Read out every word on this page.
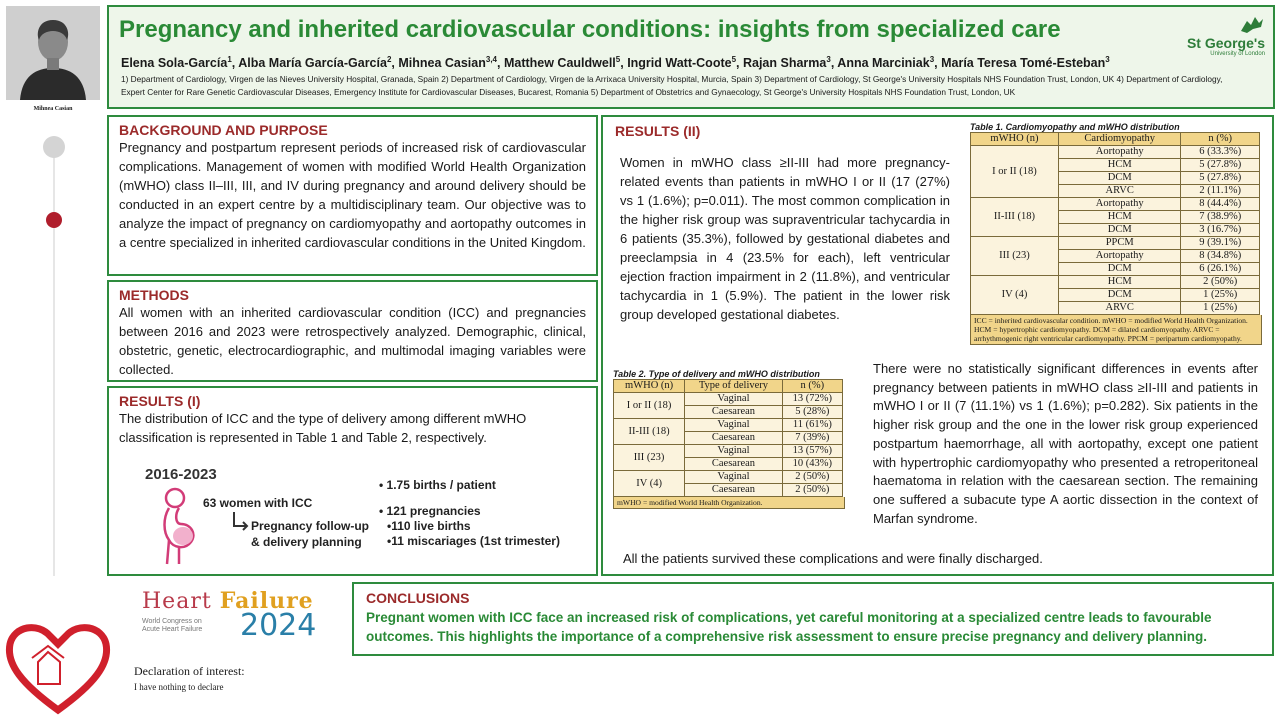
Mihnea Casian
Pregnancy and inherited cardiovascular conditions: insights from specialized care
Elena Sola-García$^1$, Alba María García-García$^2$, Mihnea Casian$^{3,4}$, Matthew Cauldwell$^5$, Ingrid Watt-Coote$^5$, Rajan Sharma$^3$, Anna Marciniak$^3$, María Teresa Tomé-Esteban$^3$
1) Department of Cardiology, Virgen de las Nieves University Hospital, Granada, Spain 2) Department of Cardiology, Virgen de la Arrixaca University Hospital, Murcia, Spain 3) Department of Cardiology, St George's University Hospitals NHS Foundation Trust, London, UK 4) Department of Cardiology, Expert Center for Rare Genetic Cardiovascular Diseases, Emergency Institute for Cardiovascular Diseases, Bucarest, Romania 5) Department of Obstetrics and Gynaecology, St George's University Hospitals NHS Foundation Trust, London, UK
St George's
University of London
BACKGROUND AND PURPOSE
Pregnancy and postpartum represent periods of increased risk of cardiovascular complications. Management of women with modified World Health Organization (mWHO) class II–III, III, and IV during pregnancy and around delivery should be conducted in an expert centre by a multidisciplinary team. Our objective was to analyze the impact of pregnancy on cardiomyopathy and aortopathy outcomes in a centre specialized in inherited cardiovascular conditions in the United Kingdom.
METHODS
All women with an inherited cardiovascular condition (ICC) and pregnancies between 2016 and 2023 were retrospectively analyzed. Demographic, clinical, obstetric, genetic, electrocardiographic, and multimodal imaging variables were collected.
RESULTS (I)
The distribution of ICC and the type of delivery among different mWHO classification is represented in Table 1 and Table 2, respectively.
2016-2023
63 women with ICC
Pregnancy follow-up
& delivery planning
• 1.75 births / patient
• 121 pregnancies
•110 live births
•11 miscariages (1st trimester)
RESULTS (II)
Women in mWHO class ≥II-III had more pregnancy-related events than patients in mWHO I or II (17 (27%) vs 1 (1.6%); p=0.011). The most common complication in the higher risk group was supraventricular tachycardia in 6 patients (35.3%), followed by gestational diabetes and preeclampsia in 4 (23.5% for each), left ventricular ejection fraction impairment in 2 (11.8%), and ventricular tachycardia in 1 (5.9%). The patient in the lower risk group developed gestational diabetes.
Table 1. Cardiomyopathy and mWHO distribution
mWHO (n)	Cardiomyopathy	n (%)
I or II (18)	Aortopathy	6 (33.3%)
	HCM	5 (27.8%)
	DCM	5 (27.8%)
	ARVC	2 (11.1%)
II-III (18)	Aortopathy	8 (44.4%)
	HCM	7 (38.9%)
	DCM	3 (16.7%)
III (23)	PPCM	9 (39.1%)
	Aortopathy	8 (34.8%)
	DCM	6 (26.1%)
IV (4)	HCM	2 (50%)
	DCM	1 (25%)
	ARVC	1 (25%)
ICC = inherited cardiovascular condition. mWHO = modified World Health Organization. HCM = hypertrophic cardiomyopathy. DCM = dilated cardiomyopathy. ARVC = arrhythmogenic right ventricular cardiomyopathy. PPCM = peripartum cardiomyopathy.
Table 2. Type of delivery and mWHO distribution
mWHO (n)	Type of delivery	n (%)
I or II (18)	Vaginal	13 (72%)
	Caesarean	5 (28%)
II-III (18)	Vaginal	11 (61%)
	Caesarean	7 (39%)
III (23)	Vaginal	13 (57%)
	Caesarean	10 (43%)
IV (4)	Vaginal	2 (50%)
	Caesarean	2 (50%)
mWHO = modified World Health Organization.
There were no statistically significant differences in events after pregnancy between patients in mWHO class ≥II-III and patients in mWHO I or II (7 (11.1%) vs 1 (1.6%); p=0.282). Six patients in the higher risk group and the one in the lower risk group experienced postpartum haemorrhage, all with aortopathy, except one patient with hypertrophic cardiomyopathy who presented a retroperitoneal haematoma in relation with the caesarean section. The remaining one suffered a subacute type A aortic dissection in the context of Marfan syndrome.
All the patients survived these complications and were finally discharged.
Heart Failure
World Congress on
Acute Heart Failure 2024
CONCLUSIONS
Pregnant women with ICC face an increased risk of complications, yet careful monitoring at a specialized centre leads to favourable outcomes. This highlights the importance of a comprehensive risk assessment to ensure precise pregnancy and delivery planning.
Declaration of interest:
I have nothing to declare
